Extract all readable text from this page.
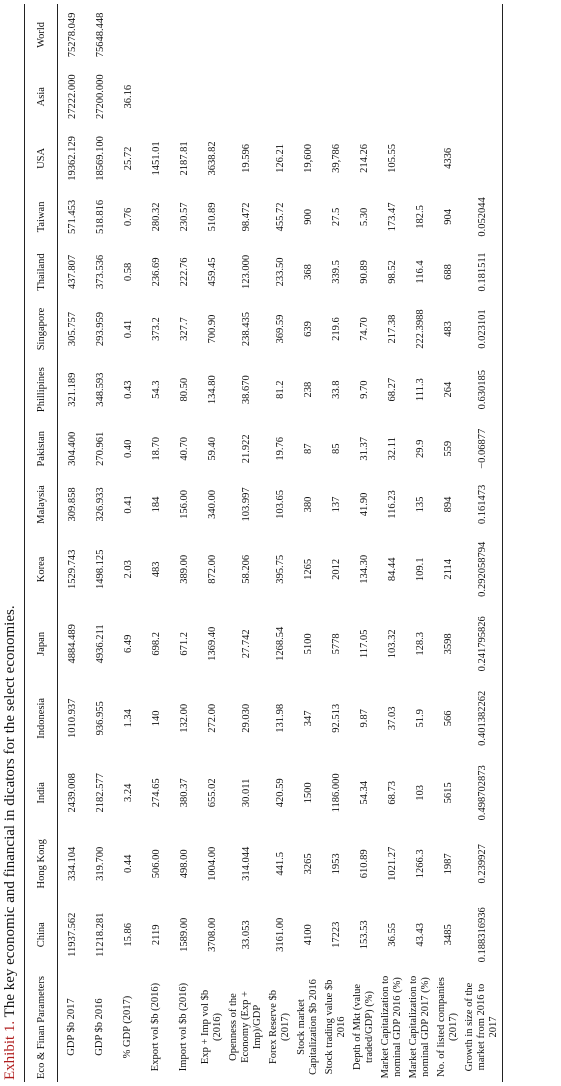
Exhibit 1. The key economic and financial in dicators for the select economies.
Eco & Finan Parameters	China	Hong Kong	India	Indonesia	Japan	Korea	Malaysia	Pakistan	Phillipines	Singapore	Thailand	Taiwan	USA	Asia	World
GDP $b 2017	11937.562	334.104	2439.008	1010.937	4884.489	1529.743	309.858	304.400	321.189	305.757	437.807	571.453	19362.129	27222.000	75278.049
GDP $b 2016	11218.281	319.700	2182.577	936.955	4936.211	1498.125	326.933	270.961	348.593	293.959	373.536	518.816	18569.100	27200.000	75648.448
% GDP (2017)	15.86	0.44	3.24	1.34	6.49	2.03	0.41	0.40	0.43	0.41	0.58	0.76	25.72	36.16	
Export vol $b (2016)	2119	506.00	274.65	140	698.2	483	184	18.70	54.3	373.2	236.69	280.32	1451.01		
Import vol $b (2016)	1589.00	498.00	380.37	132.00	671.2	389.00	156.00	40.70	80.50	327.7	222.76	230.57	2187.81		
Exp + Imp vol $b (2016)	3708.00	1004.00	655.02	272.00	1369.40	872.00	340.00	59.40	134.80	700.90	459.45	510.89	3638.82		
Openness of the Economy (Exp + Imp)/GDP	33.053	314.044	30.011	29.030	27.742	58.206	103.997	21.922	38.670	238.435	123.000	98.472	19.596		
Forex Reserve $b (2017)	3161.00	441.5	420.59	131.98	1268.54	395.75	103.65	19.76	81.2	369.59	233.50	455.72	126.21		
Stock market Capitalization $b 2016	4100	3265	1500	347	5100	1265	380	87	238	639	368	900	19,600		
Stock trading value $b 2016	17223	1953	1186.000	92.513	5778	2012	137	85	33.8	219.6	339.5	27.5	39,786		
Depth of Mkt (value traded/GDP) (%)	153.53	610.89	54.34	9.87	117.05	134.30	41.90	31.37	9.70	74.70	90.89	5.30	214.26		
Market Capitalization to nominal GDP 2016 (%)	36.55	1021.27	68.73	37.03	103.32	84.44	116.23	32.11	68.27	217.38	98.52	173.47	105.55		
Market Capitalization to nominal GDP 2017 (%)	43.43	1266.3	103	51.9	128.3	109.1	135	29.9	111.3	222.3988	116.4	182.5			
No. of listed companies (2017)	3485	1987	5615	566	3598	2114	894	559	264	483	688	904	4336		
Growth in size of the market from 2016 to 2017	0.188316936	0.239927	0.498702873	0.401382262	0.241795826	0.292058794	0.161473	−0.06877	0.630185	0.023101	0.181511	0.052044			
